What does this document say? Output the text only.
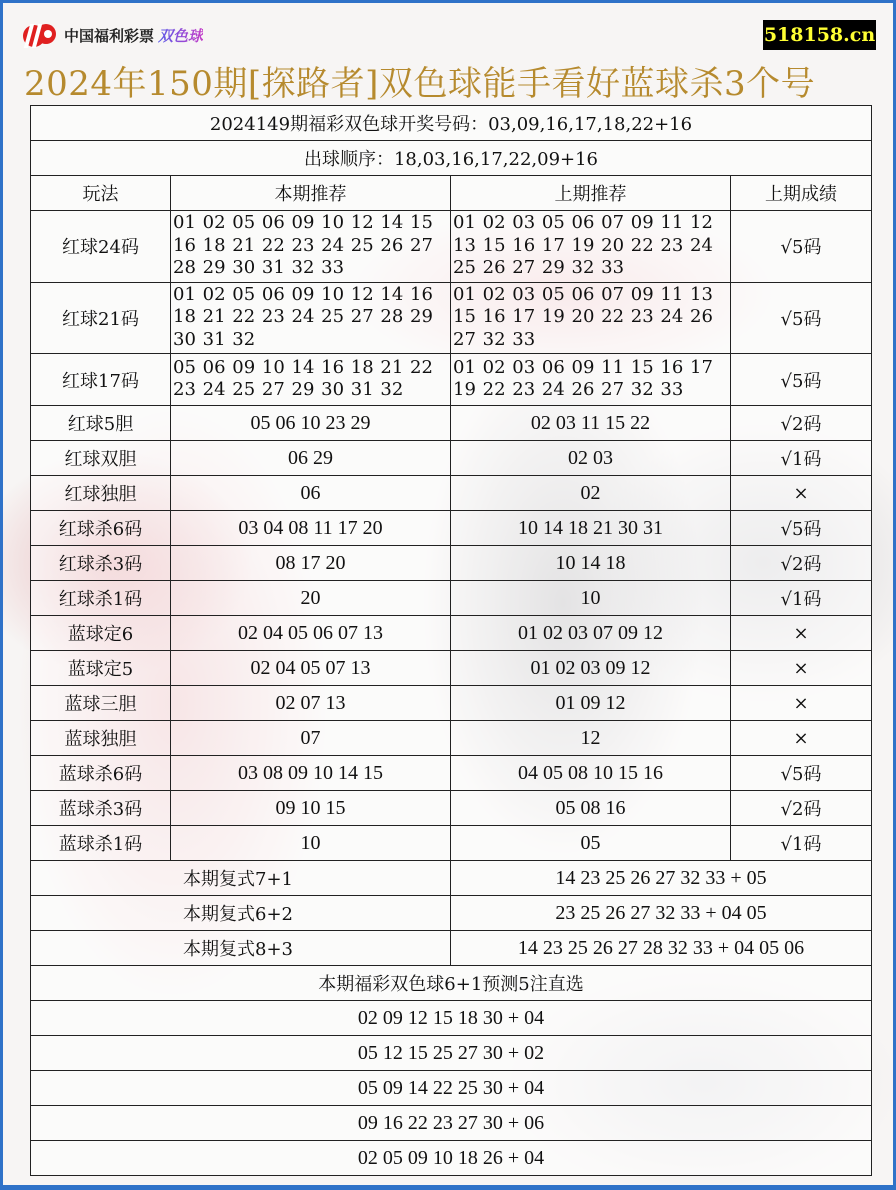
中国福利彩票 双色球	518158.cn
2024年150期[探路者]双色球能手看好蓝球杀3个号
2024149期福彩双色球开奖号码：03,09,16,17,18,22+16			
出球顺序：18,03,16,17,22,09+16			
玩法	本期推荐	上期推荐	上期成绩
红球24码	01 02 05 06 09 10 12 14 15 16 18 21 22 23 24 25 26 27 28 29 30 31 32 33	01 02 03 05 06 07 09 11 12 13 15 16 17 19 20 22 23 24 25 26 27 29 32 33	√5码
红球21码	01 02 05 06 09 10 12 14 16 18 21 22 23 24 25 27 28 29 30 31 32	01 02 03 05 06 07 09 11 13 15 16 17 19 20 22 23 24 26 27 32 33	√5码
红球17码	05 06 09 10 14 16 18 21 22 23 24 25 27 29 30 31 32	01 02 03 06 09 11 15 16 17 19 22 23 24 26 27 32 33	√5码
红球5胆	05 06 10 23 29	02 03 11 15 22	√2码
红球双胆	06 29	02 03	√1码
红球独胆	06	02	×
红球杀6码	03 04 08 11 17 20	10 14 18 21 30 31	√5码
红球杀3码	08 17 20	10 14 18	√2码
红球杀1码	20	10	√1码
蓝球定6	02 04 05 06 07 13	01 02 03 07 09 12	×
蓝球定5	02 04 05 07 13	01 02 03 09 12	×
蓝球三胆	02 07 13	01 09 12	×
蓝球独胆	07	12	×
蓝球杀6码	03 08 09 10 14 15	04 05 08 10 15 16	√5码
蓝球杀3码	09 10 15	05 08 16	√2码
蓝球杀1码	10	05	√1码
本期复式7+1		14 23 25 26 27 32 33 + 05	
本期复式6+2		23 25 26 27 32 33 + 04 05	
本期复式8+3		14 23 25 26 27 28 32 33 + 04 05 06	
本期福彩双色球6+1预测5注直选			
02 09 12 15 18 30 + 04			
05 12 15 25 27 30 + 02			
05 09 14 22 25 30 + 04			
09 16 22 23 27 30 + 06			
02 05 09 10 18 26 + 04			
